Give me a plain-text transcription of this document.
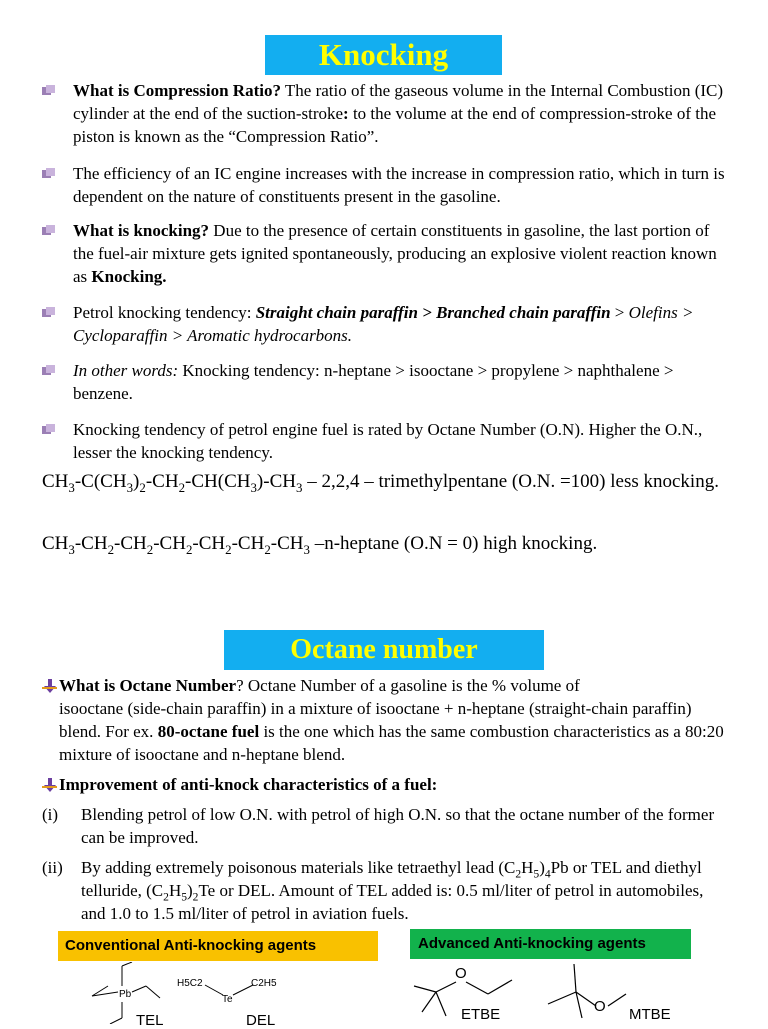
Knocking
What is Compression Ratio? The ratio of the gaseous volume in the Internal Combustion (IC) cylinder at the end of the suction-stroke: to the volume at the end of compression-stroke of the piston is known as the “Compression Ratio”.
The efficiency of an IC engine increases with the increase in compression ratio, which in turn is dependent on the nature of constituents present in the gasoline.
What is knocking? Due to the presence of certain constituents in gasoline, the last portion of the fuel-air mixture gets ignited spontaneously, producing an explosive violent reaction known as Knocking.
Petrol knocking tendency: Straight chain paraffin > Branched chain paraffin > Olefins > Cycloparaffin > Aromatic hydrocarbons.
In other words: Knocking tendency: n-heptane > isooctane > propylene > naphthalene > benzene.
Knocking tendency of petrol engine fuel is rated by Octane Number (O.N). Higher the O.N., lesser the knocking tendency.
$CH_3-C(CH_3)_2-CH_2-CH(CH_3)-CH_3 - 2,2,4$ – trimethylpentane (O.N. =100) less knocking.
$CH_3-CH_2-CH_2-CH_2-CH_2-CH_2-CH_3$ –n-heptane (O.N = 0) high knocking.
Octane number
What is Octane Number? Octane Number of a gasoline is the % volume of
isooctane (side-chain paraffin) in a mixture of isooctane + n-heptane (straight-chain paraffin) blend. For ex. 80-octane fuel is the one which has the same combustion characteristics as a 80:20 mixture of isooctane and n-heptane blend.
Improvement of anti-knock characteristics of a fuel:
(i) Blending petrol of low O.N. with petrol of high O.N. so that the octane number of the former can be improved.
(ii) By adding extremely poisonous materials like tetraethyl lead $(C_2H_5)_4Pb$ or TEL and diethyl telluride, $(C_2H_5)_2Te$ or DEL. Amount of TEL added is: 0.5 ml/liter of petrol in automobiles, and 1.0 to 1.5 ml/liter of petrol in aviation fuels.
Conventional Anti-knocking agents	Advanced Anti-knocking agents
Pb
TEL
H5C2	C2H5
Te
DEL
O
ETBE	O MTBE
